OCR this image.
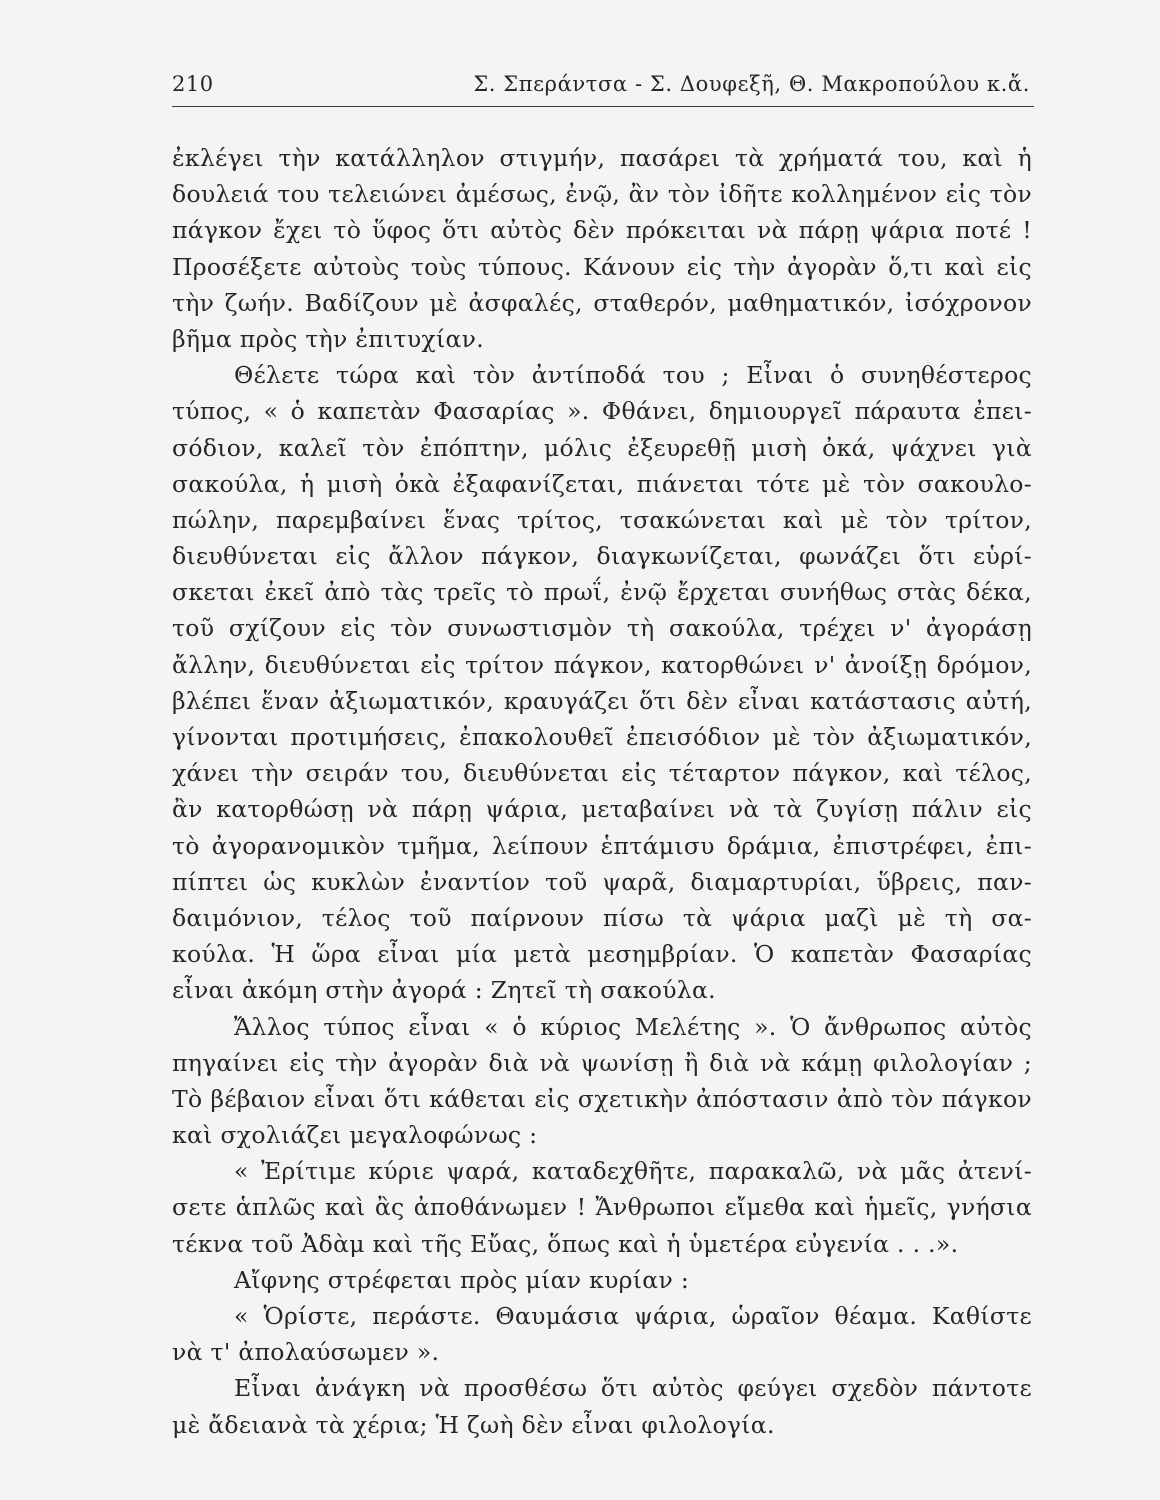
210	Σ. Σπεράντσα - Σ. Δουφεξῆ, Θ. Μακροπούλου κ.ἄ.
ἐκλέγει τὴν κατάλληλον στιγμήν, πασάρει τὰ χρήματά του, καὶ ἡ
δουλειά του τελειώνει ἀμέσως, ἐνῷ, ἂν τὸν ἰδῆτε κολλημένον εἰς τὸν
πάγκον ἔχει τὸ ὕφος ὅτι αὐτὸς δὲν πρόκειται νὰ πάρῃ ψάρια ποτέ !
Προσέξετε αὐτοὺς τοὺς τύπους. Κάνουν εἰς τὴν ἀγορὰν ὅ,τι καὶ εἰς
τὴν ζωήν. Βαδίζουν μὲ ἀσφαλές, σταθερόν, μαθηματικόν, ἰσόχρονον
βῆμα πρὸς τὴν ἐπιτυχίαν.
Θέλετε τώρα καὶ τὸν ἀντίποδά του ; Εἶναι ὁ συνηθέστερος
τύπος, « ὁ καπετὰν Φασαρίας ». Φθάνει, δημιουργεῖ πάραυτα ἐπει-
σόδιον, καλεῖ τὸν ἐπόπτην, μόλις ἐξευρεθῇ μισὴ ὀκά, ψάχνει γιὰ
σακούλα, ἡ μισὴ ὀκὰ ἐξαφανίζεται, πιάνεται τότε μὲ τὸν σακουλο-
πώλην, παρεμβαίνει ἕνας τρίτος, τσακώνεται καὶ μὲ τὸν τρίτον,
διευθύνεται εἰς ἄλλον πάγκον, διαγκωνίζεται, φωνάζει ὅτι εὑρί-
σκεται ἐκεῖ ἀπὸ τὰς τρεῖς τὸ πρωΐ, ἐνῷ ἔρχεται συνήθως στὰς δέκα,
τοῦ σχίζουν εἰς τὸν συνωστισμὸν τὴ σακούλα, τρέχει ν' ἀγοράσῃ
ἄλλην, διευθύνεται εἰς τρίτον πάγκον, κατορθώνει ν' ἀνοίξῃ δρόμον,
βλέπει ἕναν ἀξιωματικόν, κραυγάζει ὅτι δὲν εἶναι κατάστασις αὐτή,
γίνονται προτιμήσεις, ἐπακολουθεῖ ἐπεισόδιον μὲ τὸν ἀξιωματικόν,
χάνει τὴν σειράν του, διευθύνεται εἰς τέταρτον πάγκον, καὶ τέλος,
ἂν κατορθώσῃ νὰ πάρῃ ψάρια, μεταβαίνει νὰ τὰ ζυγίσῃ πάλιν εἰς
τὸ ἀγορανομικὸν τμῆμα, λείπουν ἑπτάμισυ δράμια, ἐπιστρέφει, ἐπι-
πίπτει ὡς κυκλὼν ἐναντίον τοῦ ψαρᾶ, διαμαρτυρίαι, ὕβρεις, παν-
δαιμόνιον, τέλος τοῦ παίρνουν πίσω τὰ ψάρια μαζὶ μὲ τὴ σα-
κούλα. Ἡ ὥρα εἶναι μία μετὰ μεσημβρίαν. Ὁ καπετὰν Φασαρίας
εἶναι ἀκόμη στὴν ἀγορά : Ζητεῖ τὴ σακούλα.
Ἄλλος τύπος εἶναι « ὁ κύριος Μελέτης ». Ὁ ἄνθρωπος αὐτὸς
πηγαίνει εἰς τὴν ἀγορὰν διὰ νὰ ψωνίσῃ ἢ διὰ νὰ κάμῃ φιλολογίαν ;
Τὸ βέβαιον εἶναι ὅτι κάθεται εἰς σχετικὴν ἀπόστασιν ἀπὸ τὸν πάγκον
καὶ σχολιάζει μεγαλοφώνως :
« Ἐρίτιμε κύριε ψαρά, καταδεχθῆτε, παρακαλῶ, νὰ μᾶς ἀτενί-
σετε ἁπλῶς καὶ ἂς ἀποθάνωμεν ! Ἄνθρωποι εἴμεθα καὶ ἡμεῖς, γνήσια
τέκνα τοῦ Ἀδὰμ καὶ τῆς Εὔας, ὅπως καὶ ἡ ὑμετέρα εὐγενία . . .».
Αἴφνης στρέφεται πρὸς μίαν κυρίαν :
« Ὁρίστε, περάστε. Θαυμάσια ψάρια, ὡραῖον θέαμα. Καθίστε
νὰ τ' ἀπολαύσωμεν ».
Εἶναι ἀνάγκη νὰ προσθέσω ὅτι αὐτὸς φεύγει σχεδὸν πάντοτε
μὲ ἄδειανὰ τὰ χέρια; Ἡ ζωὴ δὲν εἶναι φιλολογία.
